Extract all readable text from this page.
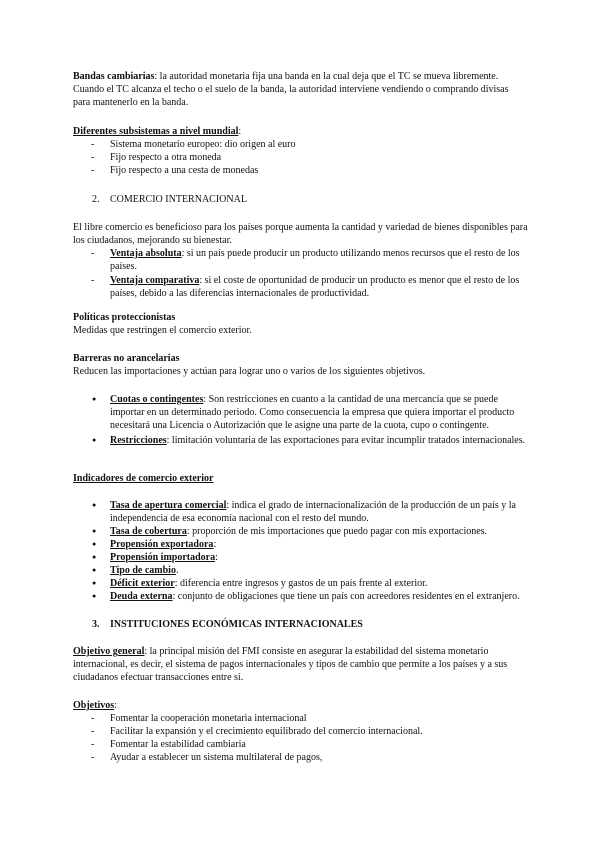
Bandas cambiarias: la autoridad monetaria fija una banda en la cual deja que el TC se mueva libremente. Cuando el TC alcanza el techo o el suelo de la banda, la autoridad interviene vendiendo o comprando divisas para mantenerlo en la banda.

Diferentes subsistemas a nivel mundial:

- Sistema monetario europeo: dio origen al euro
- Fijo respecto a otra moneda
- Fijo respecto a una cesta de monedas
2. COMERCIO INTERNACIONAL

El libre comercio es beneficioso para los países porque aumenta la cantidad y variedad de bienes disponibles para los ciudadanos, mejorando su bienestar.

- Ventaja absoluta: si un país puede producir un producto utilizando menos recursos que el resto de los países.
- Ventaja comparativa: si el coste de oportunidad de producir un producto es menor que el resto de los países, debido a las diferencias internacionales de productividad.

Políticas proteccionistas

Medidas que restringen el comercio exterior.

Barreras no arancelarias

Reducen las importaciones y actúan para lograr uno o varios de los siguientes objetivos.

● Cuotas o contingentes: Son restricciones en cuanto a la cantidad de una mercancía que se puede importar en un determinado periodo. Como consecuencia la empresa que quiera importar el producto necesitará una Licencia o Autorización que le asigne una parte de la cuota, cupo o contingente.
● Restricciones: limitación voluntaria de las exportaciones para evitar incumplir tratados internacionales.

Indicadores de comercio exterior

● Tasa de apertura comercial: indica el grado de internacionalización de la producción de un país y la independencia de esa economía nacional con el resto del mundo.
● Tasa de cobertura: proporción de mis importaciones que puedo pagar con mis exportaciones.
● Propensión exportadora:
● Propensión importadora:
● Tipo de cambio.
● Déficit exterior: diferencia entre ingresos y gastos de un país frente al exterior.
● Deuda externa: conjunto de obligaciones que tiene un país con acreedores residentes en el extranjero.
3. INSTITUCIONES ECONÓMICAS INTERNACIONALES

Objetivo general: la principal misión del FMI consiste en asegurar la estabilidad del sistema monetario internacional, es decir, el sistema de pagos internacionales y tipos de cambio que permite a los países y a sus ciudadanos efectuar transacciones entre sí.

Objetivos:

- Fomentar la cooperación monetaria internacional
- Facilitar la expansión y el crecimiento equilibrado del comercio internacional.
- Fomentar la estabilidad cambiaria
- Ayudar a establecer un sistema multilateral de pagos,
